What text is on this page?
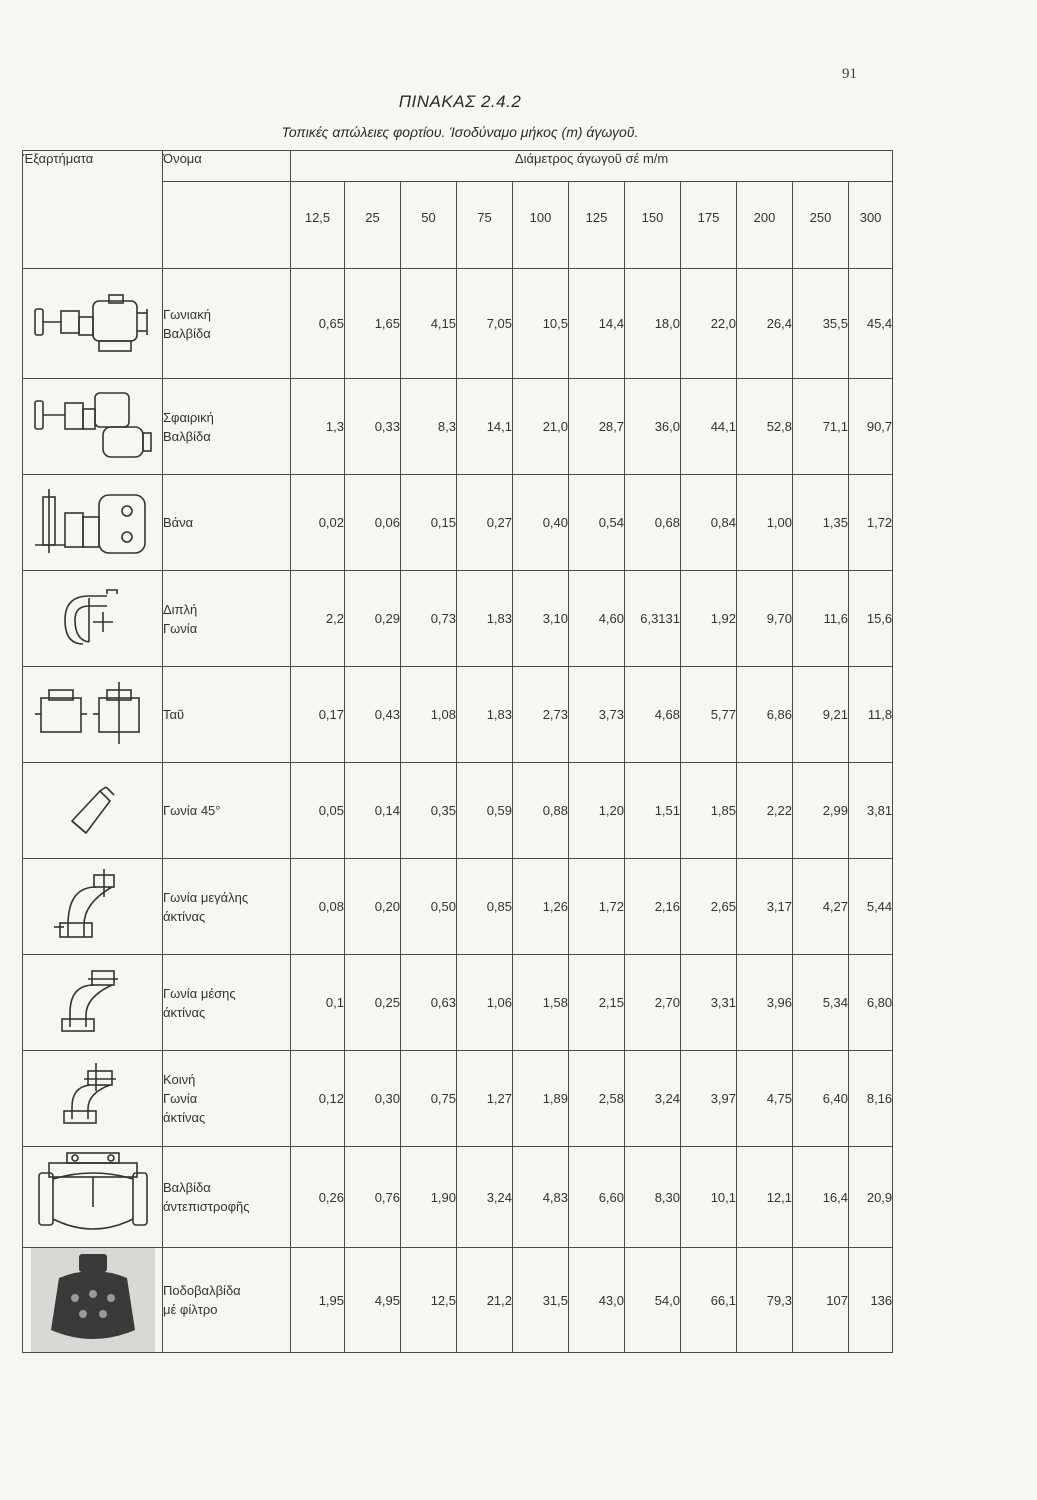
91
ΠΙΝΑΚΑΣ 2.4.2
Τοπικές απώλειες φορτίου. Ίσοδύναμο μήκος (m) άγωγοῦ.
Έξαρτήματα	Όνομα	Διάμετρος άγωγοῦ σέ m/m										
		12,5	25	50	75	100	125	150	175	200	250	300

Γωνιακή
Βαλβίδα	0,65	1,65	4,15	7,05	10,5	14,4	18,0	22,0	26,4	35,5	45,4

Σφαιρική
Βαλβίδα	1,3	0,33	8,3	14,1	21,0	28,7	36,0	44,1	52,8	71,1	90,7

Βάνα	0,02	0,06	0,15	0,27	0,40	0,54	0,68	0,84	1,00	1,35	1,72

Διπλή
Γωνία	2,2	0,29	0,73	1,83	3,10	4,60	6,3131	1,92	9,70	11,6	15,6

Ταῦ	0,17	0,43	1,08	1,83	2,73	3,73	4,68	5,77	6,86	9,21	11,8

Γωνία 45°	0,05	0,14	0,35	0,59	0,88	1,20	1,51	1,85	2,22	2,99	3,81

Γωνία μεγάλης
άκτίνας	0,08	0,20	0,50	0,85	1,26	1,72	2,16	2,65	3,17	4,27	5,44

Γωνία μέσης
άκτίνας	0,1	0,25	0,63	1,06	1,58	2,15	2,70	3,31	3,96	5,34	6,80

Κοινή
Γωνία
άκτίνας	0,12	0,30	0,75	1,27	1,89	2,58	3,24	3,97	4,75	6,40	8,16

Βαλβίδα
άντεπιστροφῆς	0,26	0,76	1,90	3,24	4,83	6,60	8,30	10,1	12,1	16,4	20,9

Ποδοβαλβίδα
μέ φίλτρο	1,95	4,95	12,5	21,2	31,5	43,0	54,0	66,1	79,3	107	136
